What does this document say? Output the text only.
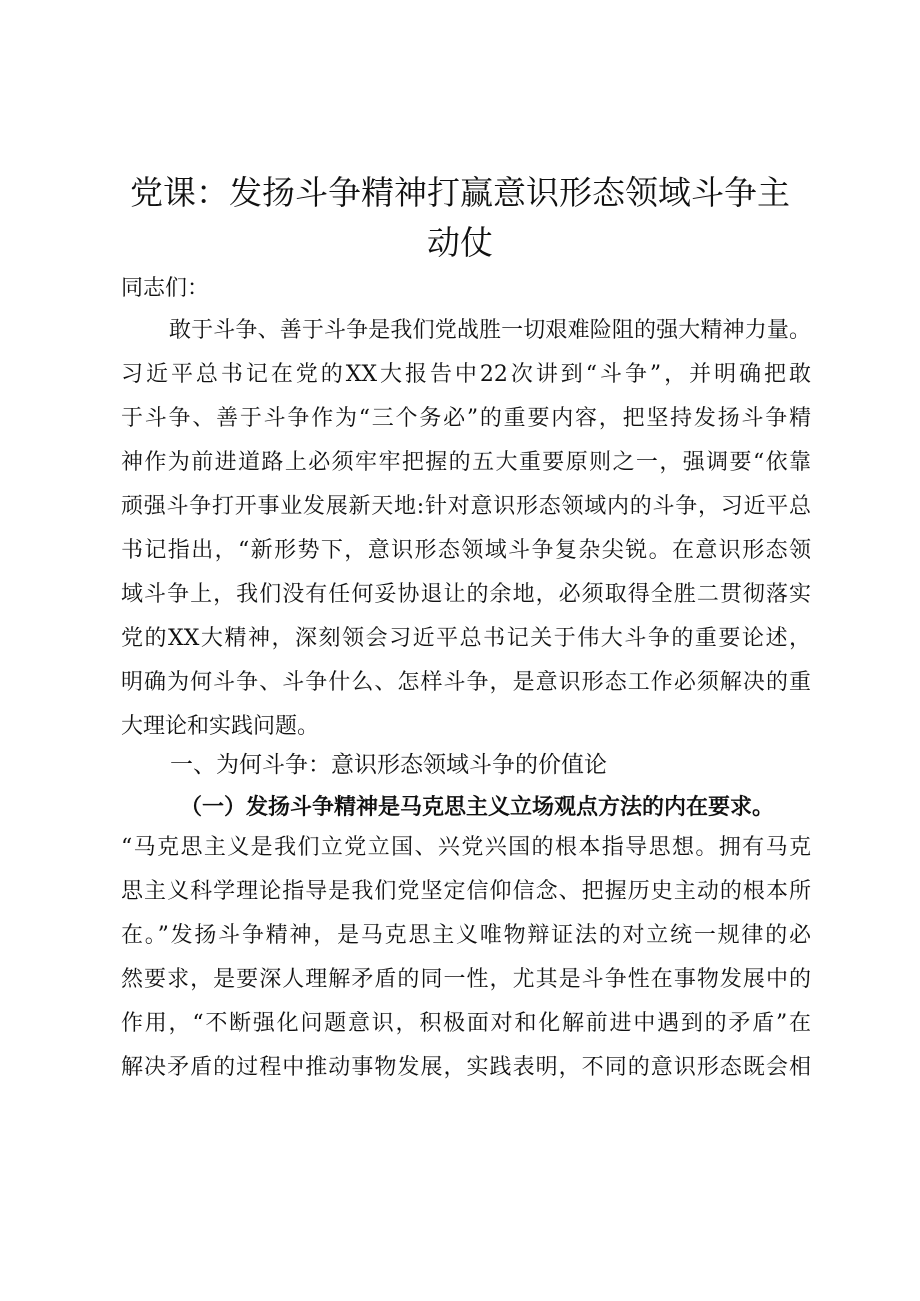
党课：发扬斗争精神打赢意识形态领域斗争主
动仗
同志们：
敢于斗争、善于斗争是我们党战胜一切艰难险阻的强大精神力量。
习近平总书记在党的XX大报告中22次讲到“斗争”，并明确把敢
于斗争、善于斗争作为“三个务必”的重要内容，把坚持发扬斗争精
神作为前进道路上必须牢牢把握的五大重要原则之一，强调要“依靠
顽强斗争打开事业发展新天地:针对意识形态领域内的斗争，习近平总
书记指出，“新形势下，意识形态领域斗争复杂尖锐。在意识形态领
域斗争上，我们没有任何妥协退让的余地，必须取得全胜二贯彻落实
党的XX大精神，深刻领会习近平总书记关于伟大斗争的重要论述，
明确为何斗争、斗争什么、怎样斗争，是意识形态工作必须解决的重
大理论和实践问题。
一、为何斗争：意识形态领域斗争的价值论
（一）发扬斗争精神是马克思主义立场观点方法的内在要求。
“马克思主义是我们立党立国、兴党兴国的根本指导思想。拥有马克
思主义科学理论指导是我们党坚定信仰信念、把握历史主动的根本所
在。”发扬斗争精神，是马克思主义唯物辩证法的对立统一规律的必
然要求，是要深人理解矛盾的同一性，尤其是斗争性在事物发展中的
作用，“不断强化问题意识，积极面对和化解前进中遇到的矛盾”在
解决矛盾的过程中推动事物发展，实践表明，不同的意识形态既会相
